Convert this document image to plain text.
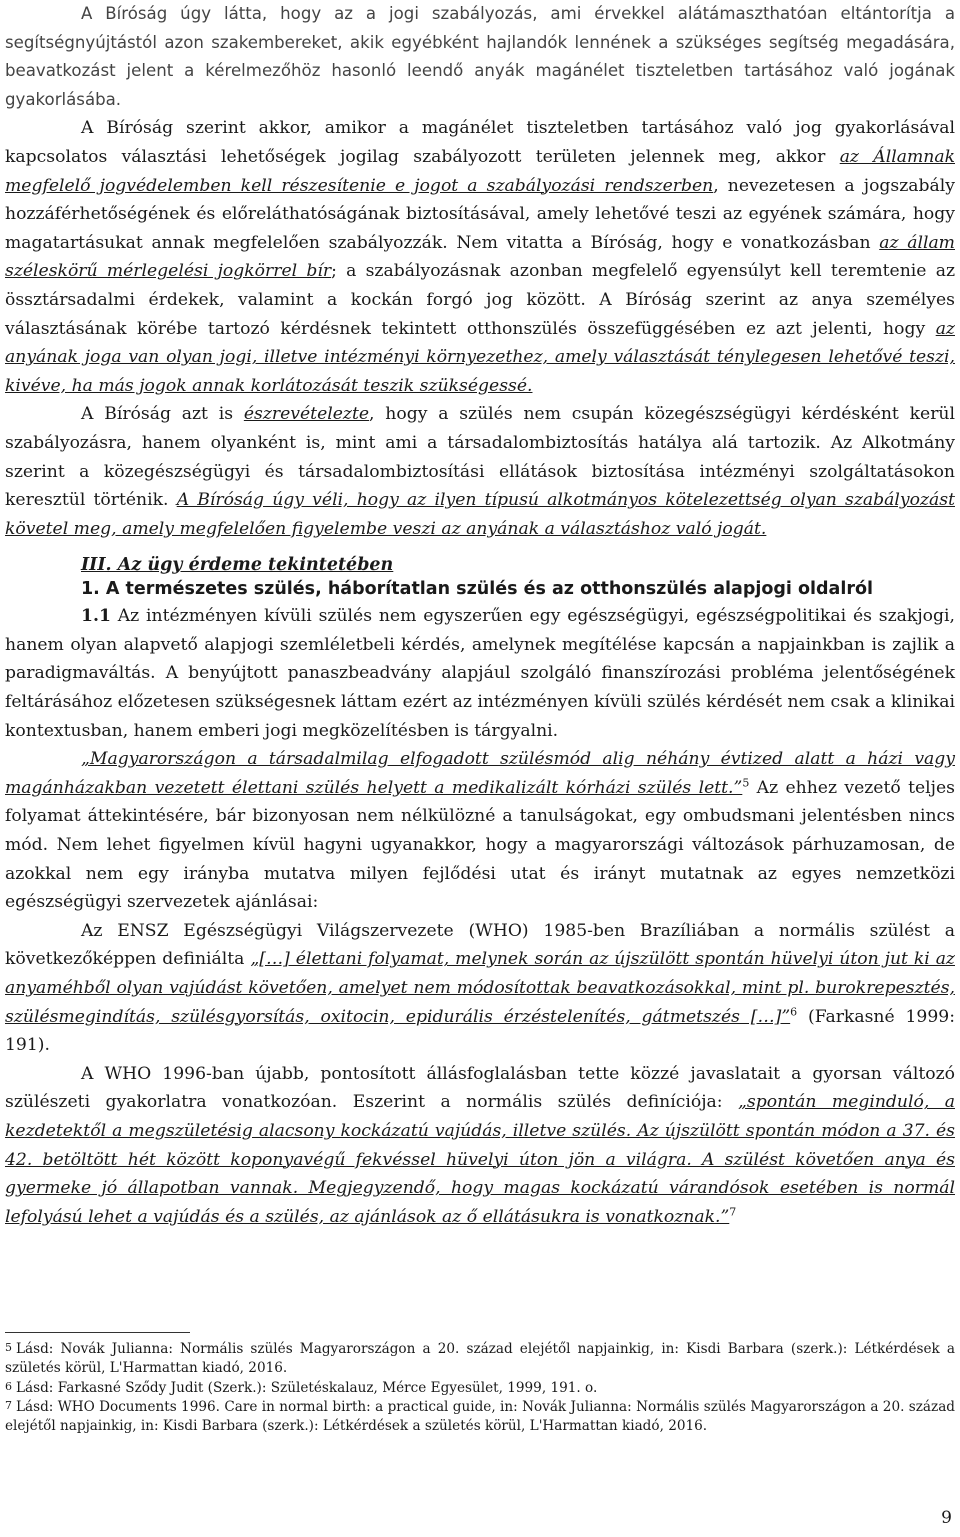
A Bíróság úgy látta, hogy az a jogi szabályozás, ami érvekkel alátámaszthatóan eltántorítja a segítségnyújtástól azon szakembereket, akik egyébként hajlandók lennének a szükséges segítség megadására, beavatkozást jelent a kérelmezőhöz hasonló leendő anyák magánélet tiszteletben tartásához való jogának gyakorlásába.

A Bíróság szerint akkor, amikor a magánélet tiszteletben tartásához való jog gyakorlásával kapcsolatos választási lehetőségek jogilag szabályozott területen jelennek meg, akkor az Államnak megfelelő jogvédelemben kell részesítenie e jogot a szabályozási rendszerben, nevezetesen a jogszabály hozzáférhetőségének és előreláthatóságának biztosításával, amely lehetővé teszi az egyének számára, hogy magatartásukat annak megfelelően szabályozzák. Nem vitatta a Bíróság, hogy e vonatkozásban az állam széleskörű mérlegelési jogkörrel bír; a szabályozásnak azonban megfelelő egyensúlyt kell teremtenie az össztársadalmi érdekek, valamint a kockán forgó jog között. A Bíróság szerint az anya személyes választásának körébe tartozó kérdésnek tekintett otthonszülés összefüggésében ez azt jelenti, hogy az anyának joga van olyan jogi, illetve intézményi környezethez, amely választását ténylegesen lehetővé teszi, kivéve, ha más jogok annak korlátozását teszik szükségessé.

A Bíróság azt is észrevételezte, hogy a szülés nem csupán közegészségügyi kérdésként kerül szabályozásra, hanem olyanként is, mint ami a társadalombiztosítás hatálya alá tartozik. Az Alkotmány szerint a közegészségügyi és társadalombiztosítási ellátások biztosítása intézményi szolgáltatásokon keresztül történik. A Bíróság úgy véli, hogy az ilyen típusú alkotmányos kötelezettség olyan szabályozást követel meg, amely megfelelően figyelembe veszi az anyának a választáshoz való jogát.

III. Az ügy érdeme tekintetében
1. A természetes szülés, háborítatlan szülés és az otthonszülés alapjogi oldalról

1.1 Az intézményen kívüli szülés nem egyszerűen egy egészségügyi, egészségpolitikai és szakjogi, hanem olyan alapvető alapjogi szemléletbeli kérdés, amelynek megítélése kapcsán a napjainkban is zajlik a paradigmaváltás. A benyújtott panaszbeadvány alapjául szolgáló finanszírozási probléma jelentőségének feltárásához előzetesen szükségesnek láttam ezért az intézményen kívüli szülés kérdését nem csak a klinikai kontextusban, hanem emberi jogi megközelítésben is tárgyalni.

„Magyarországon a társadalmilag elfogadott szülésmód alig néhány évtized alatt a házi vagy magánházakban vezetett élettani szülés helyett a medikalizált kórházi szülés lett.”$^5$ Az ehhez vezető teljes folyamat áttekintésére, bár bizonyosan nem nélkülözné a tanulságokat, egy ombudsmani jelentésben nincs mód. Nem lehet figyelmen kívül hagyni ugyanakkor, hogy a magyarországi változások párhuzamosan, de azokkal nem egy irányba mutatva milyen fejlődési utat és irányt mutatnak az egyes nemzetközi egészségügyi szervezetek ajánlásai:

Az ENSZ Egészségügyi Világszervezete (WHO) 1985-ben Brazíliában a normális szülést a következőképpen definiálta „[…] élettani folyamat, melynek során az újszülött spontán hüvelyi úton jut ki az anyaméhből olyan vajúdást követően, amelyet nem módosítottak beavatkozásokkal, mint pl. burokrepesztés, szülésmegindítás, szülésgyorsítás, oxitocin, epidurális érzéstelenítés, gátmetszés […]”$^6$ (Farkasné 1999: 191).

A WHO 1996-ban újabb, pontosított állásfoglalásban tette közzé javaslatait a gyorsan változó szülészeti gyakorlatra vonatkozóan. Eszerint a normális szülés definíciója: „spontán meginduló, a kezdetektől a megszületésig alacsony kockázatú vajúdás, illetve szülés. Az újszülött spontán módon a 37. és 42. betöltött hét között koponyavégű fekvéssel hüvelyi úton jön a világra. A szülést követően anya és gyermeke jó állapotban vannak. Megjegyzendő, hogy magas kockázatú várandósok esetében is normál lefolyású lehet a vajúdás és a szülés, az ajánlások az ő ellátásukra is vonatkoznak.”$^7$

5 Lásd: Novák Julianna: Normális szülés Magyarországon a 20. század elejétől napjainkig, in: Kisdi Barbara (szerk.): Létkérdések a születés körül, L'Harmattan kiadó, 2016.

6 Lásd: Farkasné Sződy Judit (Szerk.): Születéskalauz, Mérce Egyesület, 1999, 191. o.

7 Lásd: WHO Documents 1996. Care in normal birth: a practical guide, in: Novák Julianna: Normális szülés Magyarországon a 20. század elejétől napjainkig, in: Kisdi Barbara (szerk.): Létkérdések a születés körül, L'Harmattan kiadó, 2016.

9
